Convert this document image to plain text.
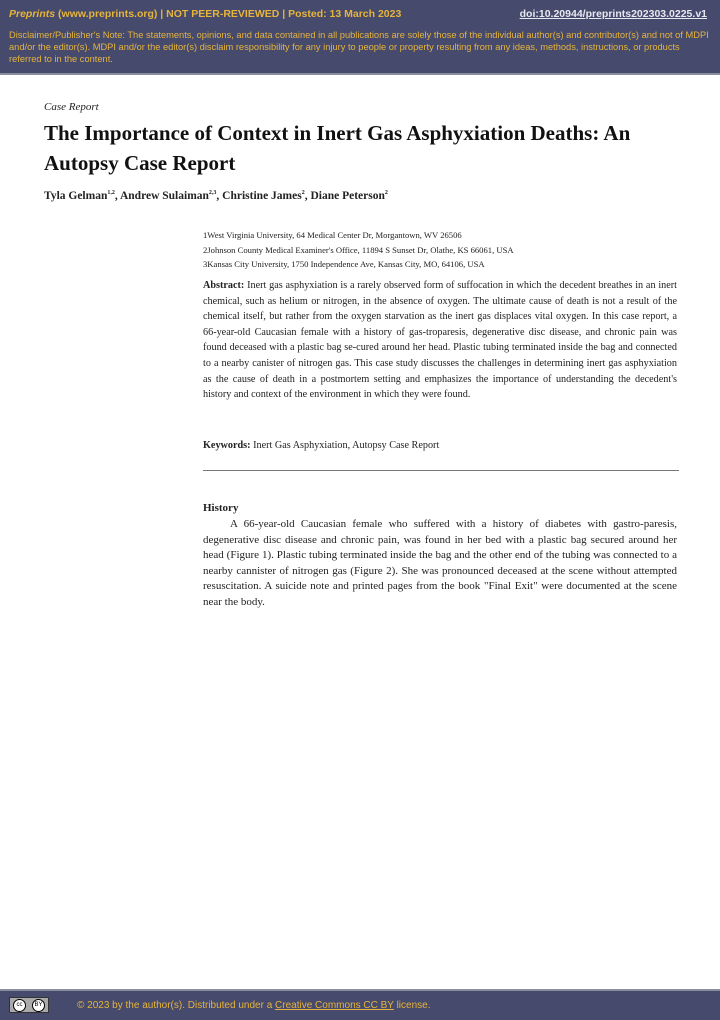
Preprints (www.preprints.org) | NOT PEER-REVIEWED | Posted: 13 March 2023	doi:10.20944/preprints202303.0225.v1
Disclaimer/Publisher's Note: The statements, opinions, and data contained in all publications are solely those of the individual author(s) and contributor(s) and not of MDPI and/or the editor(s). MDPI and/or the editor(s) disclaim responsibility for any injury to people or property resulting from any ideas, methods, instructions, or products referred to in the content.
Case Report
The Importance of Context in Inert Gas Asphyxiation Deaths: An Autopsy Case Report
Tyla Gelman$^{1,2}$, Andrew Sulaiman$^{2,3}$, Christine James$^2$, Diane Peterson$^2$
1West Virginia University, 64 Medical Center Dr, Morgantown, WV 26506
2Johnson County Medical Examiner's Office, 11894 S Sunset Dr, Olathe, KS 66061, USA
3Kansas City University, 1750 Independence Ave, Kansas City, MO, 64106, USA
Abstract: Inert gas asphyxiation is a rarely observed form of suffocation in which the decedent breathes in an inert chemical, such as helium or nitrogen, in the absence of oxygen. The ultimate cause of death is not a result of the chemical itself, but rather from the oxygen starvation as the inert gas displaces vital oxygen. In this case report, a 66-year-old Caucasian female with a history of gas-troparesis, degenerative disc disease, and chronic pain was found deceased with a plastic bag se-cured around her head. Plastic tubing terminated inside the bag and connected to a nearby canister of nitrogen gas. This case study discusses the challenges in determining inert gas asphyxiation as the cause of death in a postmortem setting and emphasizes the importance of understanding the decedent's history and context of the environment in which they were found.
Keywords: Inert Gas Asphyxiation, Autopsy Case Report
History
A 66-year-old Caucasian female who suffered with a history of diabetes with gastro-paresis, degenerative disc disease and chronic pain, was found in her bed with a plastic bag secured around her head (Figure 1). Plastic tubing terminated inside the bag and the other end of the tubing was connected to a nearby cannister of nitrogen gas (Figure 2). She was pronounced deceased at the scene without attempted resuscitation. A suicide note and printed pages from the book "Final Exit" were documented at the scene near the body.
cc	BY	© 2023 by the author(s). Distributed under a Creative Commons CC BY license.
